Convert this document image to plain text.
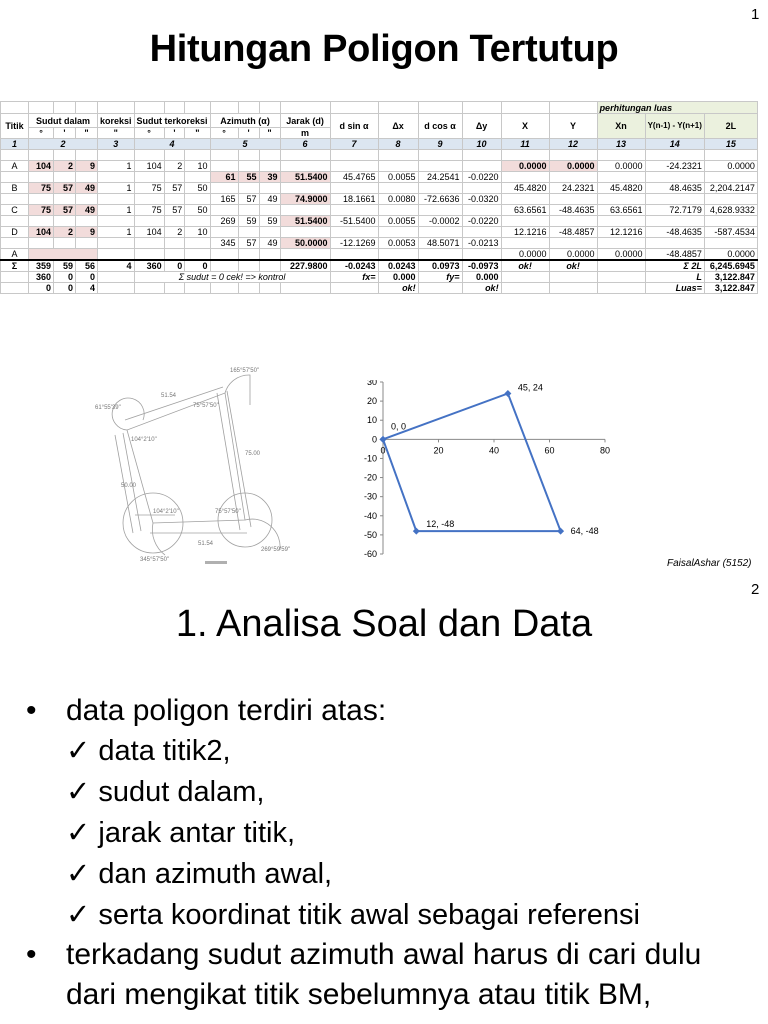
1
Hitungan Poligon Tertutup
																		perhitungan luas		
Titik	Sudut dalam			koreksi	Sudut terkoreksi			Azimuth (α)			Jarak (d)	d sin α	Δx	d cos α	Δy	X	Y	Xn	Y(n-1) - Y(n+1)	2L
	°	'	"	"	°	'	"	°	'	"	m									
1	2			3	4			5			6	7	8	9	10	11	12	13	14	15

A	104	2	9	1	104	2	10									0.0000	0.0000	0.0000	-24.2321	0.0000
								61	55	39	51.5400	45.4765	0.0055	24.2541	-0.0220					
B	75	57	49	1	75	57	50									45.4820	24.2321	45.4820	48.4635	2,204.2147
								165	57	49	74.9000	18.1661	0.0080	-72.6636	-0.0320					
C	75	57	49	1	75	57	50									63.6561	-48.4635	63.6561	72.7179	4,628.9332
								269	59	59	51.5400	-51.5400	0.0055	-0.0002	-0.0220					
D	104	2	9	1	104	2	10									12.1216	-48.4857	12.1216	-48.4635	-587.4534
								345	57	49	50.0000	-12.1269	0.0053	48.5071	-0.0213					
A																0.0000	0.0000	0.0000	-48.4857	0.0000
Σ	359	59	56	4	360	0	0				227.9800	-0.0243	0.0243	0.0973	-0.0973	ok!	ok!		Σ 2L	6,245.6945
	360	0	0		Σ sudut = 0 cek! => kontrol							fx=	0.000	fy=	0.000				L	3,122.847
	0	0	4										ok!		ok!				Luas=	3,122.847
165°57'50"
61°55'39"
51.54
75°57'50"
104°2'10"
75.00
50.00
104°2'10"	75°57'50"
51.54
269°59'59"
345°57'50"
30
20
10
0
-10
-20
-30
-40
-50
-60
0	20	40	60	80
0, 0
45, 24
64, -48
12, -48
FaisalAshar (5152)
2
1. Analisa Soal dan Data
• data poligon terdiri atas:
✓ data titik2,
✓ sudut dalam,
✓ jarak antar titik,
✓ dan azimuth awal,
✓ serta koordinat titik awal sebagai referensi
• terkadang sudut azimuth awal harus di cari dulu
dari mengikat titik sebelumnya atau titik BM,
